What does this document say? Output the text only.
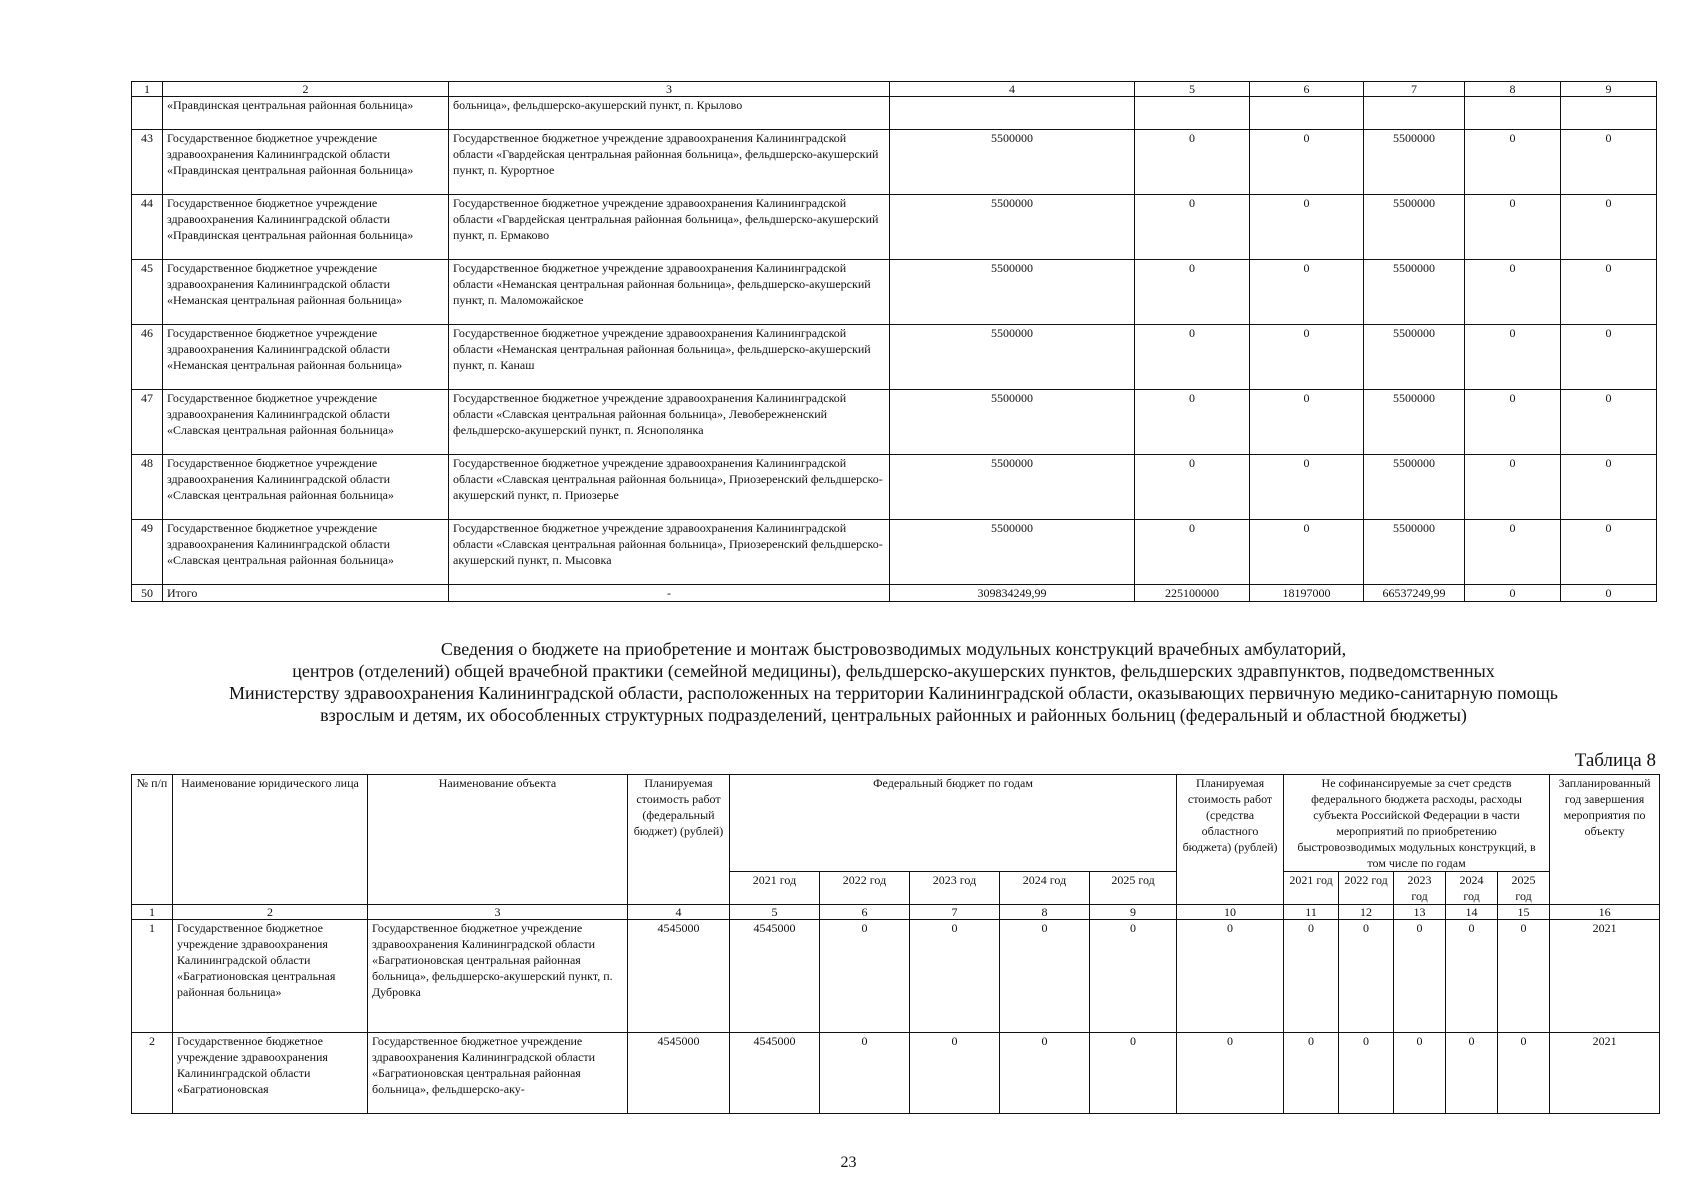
1	2	3	4	5	6	7	8	9
	«Правдинская центральная районная больница»	больница», фельдшерско-акушерский пункт, п. Крылово						
43	Государственное бюджетное учреждение здравоохранения Калининградской области «Правдинская центральная районная больница»	Государственное бюджетное учреждение здравоохранения Калининградской области «Гвардейская центральная районная больница», фельдшерско-акушерский пункт, п. Курортное	5500000	0	0	5500000	0	0
44	Государственное бюджетное учреждение здравоохранения Калининградской области «Правдинская центральная районная больница»	Государственное бюджетное учреждение здравоохранения Калининградской области «Гвардейская центральная районная больница», фельдшерско-акушерский пункт, п. Ермаково	5500000	0	0	5500000	0	0
45	Государственное бюджетное учреждение здравоохранения Калининградской области «Неманская центральная районная больница»	Государственное бюджетное учреждение здравоохранения Калининградской области «Неманская центральная районная больница», фельдшерско-акушерский пункт, п. Маломожайское	5500000	0	0	5500000	0	0
46	Государственное бюджетное учреждение здравоохранения Калининградской области «Неманская центральная районная больница»	Государственное бюджетное учреждение здравоохранения Калининградской области «Неманская центральная районная больница», фельдшерско-акушерский пункт, п. Канаш	5500000	0	0	5500000	0	0
47	Государственное бюджетное учреждение здравоохранения Калининградской области «Славская центральная районная больница»	Государственное бюджетное учреждение здравоохранения Калининградской области «Славская центральная районная больница», Левобережненский фельдшерско-акушерский пункт, п. Яснополянка	5500000	0	0	5500000	0	0
48	Государственное бюджетное учреждение здравоохранения Калининградской области «Славская центральная районная больница»	Государственное бюджетное учреждение здравоохранения Калининградской области «Славская центральная районная больница», Приозеренский фельдшерско-акушерский пункт, п. Приозерье	5500000	0	0	5500000	0	0
49	Государственное бюджетное учреждение здравоохранения Калининградской области «Славская центральная районная больница»	Государственное бюджетное учреждение здравоохранения Калининградской области «Славская центральная районная больница», Приозеренский фельдшерско-акушерский пункт, п. Мысовка	5500000	0	0	5500000	0	0
50	Итого	-	309834249,99	225100000	18197000	66537249,99	0	0
Сведения о бюджете на приобретение и монтаж быстровозводимых модульных конструкций врачебных амбулаторий,
центров (отделений) общей врачебной практики (семейной медицины), фельдшерско-акушерских пунктов, фельдшерских здравпунктов, подведомственных
Министерству здравоохранения Калининградской области, расположенных на территории Калининградской области, оказывающих первичную медико-санитарную помощь
взрослым и детям, их обособленных структурных подразделений, центральных районных и районных больниц (федеральный и областной бюджеты)
Таблица 8
№ п/п	Наименование юридического лица	Наименование объекта	Планируемая стоимость работ (федеральный бюджет) (рублей)	Федеральный бюджет по годам					Планируемая стоимость работ (средства областного бюджета) (рублей)	Не софинансируемые за счет средств федерального бюджета расходы, расходы субъекта Российской Федерации в части мероприятий по приобретению быстровозводимых модульных конструкций, в том числе по годам					Запланированный год завершения мероприятия по объекту
				2021 год	2022 год	2023 год	2024 год	2025 год		2021 год	2022 год	2023 год	2024 год	2025 год	
1	2	3	4	5	6	7	8	9	10	11	12	13	14	15	16
1	Государственное бюджетное учреждение здравоохранения Калининградской области «Багратионовская центральная районная больница»	Государственное бюджетное учреждение здравоохранения Калининградской области «Багратионовская центральная районная больница», фельдшерско-акушерский пункт, п. Дубровка	4545000	4545000	0	0	0	0	0	0	0	0	0	0	2021
2	Государственное бюджетное учреждение здравоохранения Калининградской области «Багратионовская	Государственное бюджетное учреждение здравоохранения Калининградской области «Багратионовская центральная районная больница», фельдшерско-аку-	4545000	4545000	0	0	0	0	0	0	0	0	0	0	2021
23
